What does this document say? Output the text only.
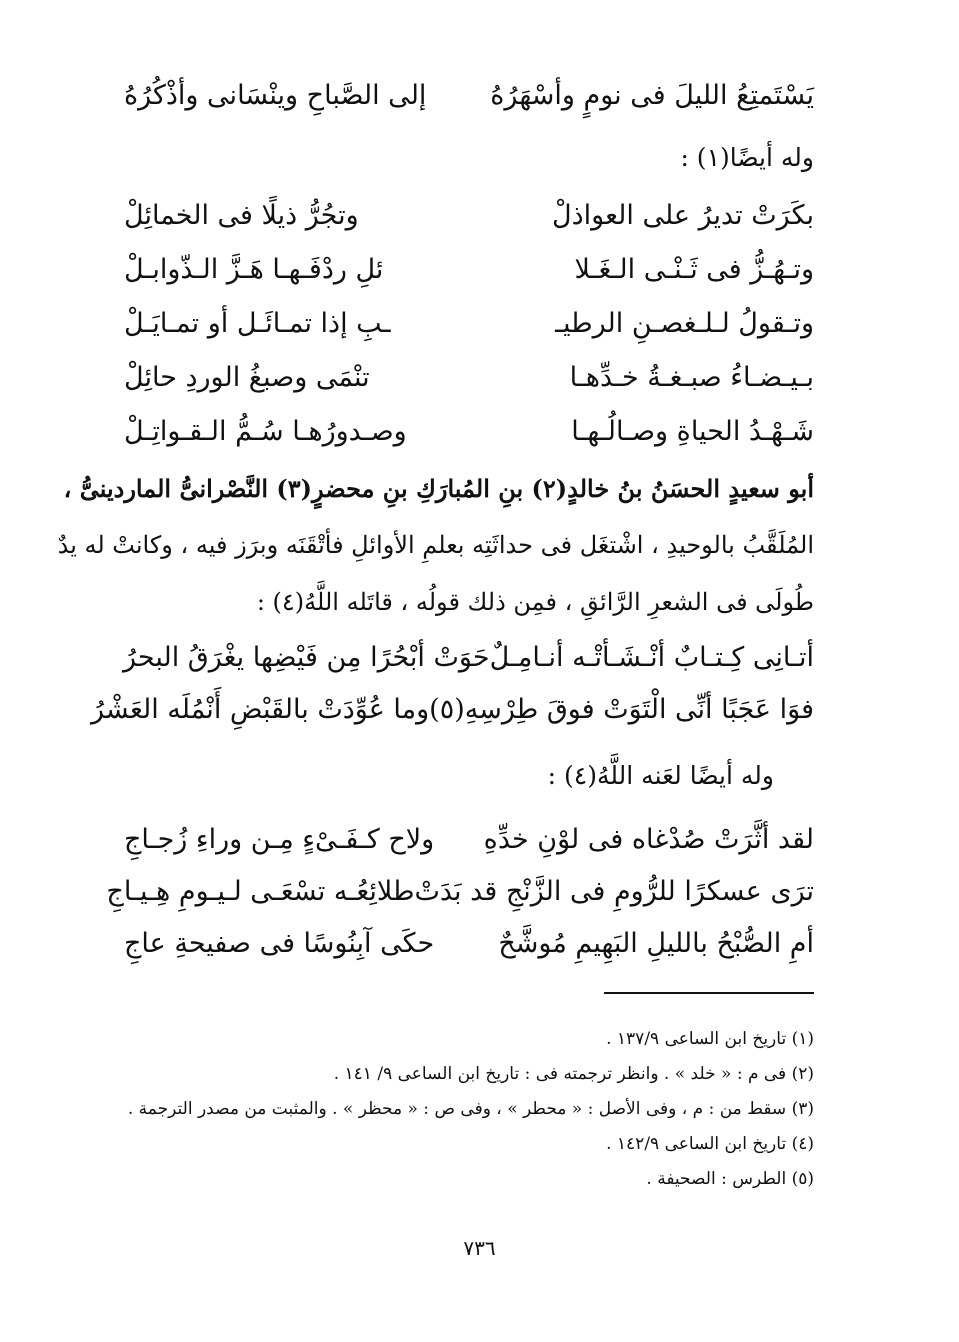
يَسْتَمتِعُ الليلَ فى نومٍ وأسْهَرُهُ
إلى الصَّباحِ وينْسَانى وأذْكُرُهُ
وله أيضًا(١) :
بكَرَتْ تديرُ على العواذلْ
وتجُرُّ ذيلًا فى الخمائِلْ
وتـهُـزُّ فى ثَـنْـى الـغَـلا
ئلِ ردْفَـهـا هَـزَّ الـذّوابـلْ
وتـقولُ لـلـغصـنِ الرطيـ
ـبِ إذا تمـائَـل أو تمـايَـلْ
بـيـضـاءُ صبـغـةُ خـدِّهـا
تنْمَى وصبغُ الوردِ حائِلْ
شَـهْـدُ الحياةِ وصـالُـهـا
وصـدورُهـا سُـمُّ الـقـواتِـلْ
أبو سعيدٍ الحسَنُ بنُ خالدٍ(٢) بنِ المُبارَكِ بنِ محضرٍ(٣) النَّصْرانىُّ الماردينىُّ ،
المُلَقَّبُ بالوحيدِ ، اشْتغَل فى حداثَتِه بعلمِ الأوائلِ فأتْقَنَه وبرَز فيه ، وكانتْ له يدٌ
طُولَى فى الشعرِ الرَّائقِ ، فمِن ذلك قولُه ، قاتَله اللَّهُ(٤) :
أتـانِى كِـتـابٌ أنْـشَـأتْـه أنـامِـلٌ
حَوَتْ أبْحُرًا مِن فَيْضِها يغْرَقُ البحرُ
فوَا عَجَبًا أنِّى الْتَوَتْ فوقَ طِرْسِهِ(٥)
وما عُوِّدَتْ بالقَبْضِ أَنْمُلَه العَشْرُ
وله أيضًا لعَنه اللَّهُ(٤) :
لقد أثَّرَتْ صُدْغاه فى لوْنِ خدِّهِ
ولاح كـفَـىْءٍ مِـن وراءِ زُجـاجِ
ترَى عسكرًا للرُّومِ فى الزَّنْجِ قد بَدَتْ
طلائِعُـه تسْعَـى لـيـومِ هِـيـاجِ
أمِ الصُّبْحُ بالليلِ البَهِيمِ مُوشَّحٌ
حكَى آبِنُوسًا فى صفيحةِ عاجِ
(١) تاريخ ابن الساعى ١٣٧/٩ .
(٢) فى م : « خلد » . وانظر ترجمته فى : تاريخ ابن الساعى ٩/ ١٤١ .
(٣) سقط من : م ، وفى الأصل : « محطر » ، وفى ص : « محظر » . والمثبت من مصدر الترجمة .
(٤) تاريخ ابن الساعى ١٤٢/٩ .
(٥) الطرس : الصحيفة .
٧٣٦
